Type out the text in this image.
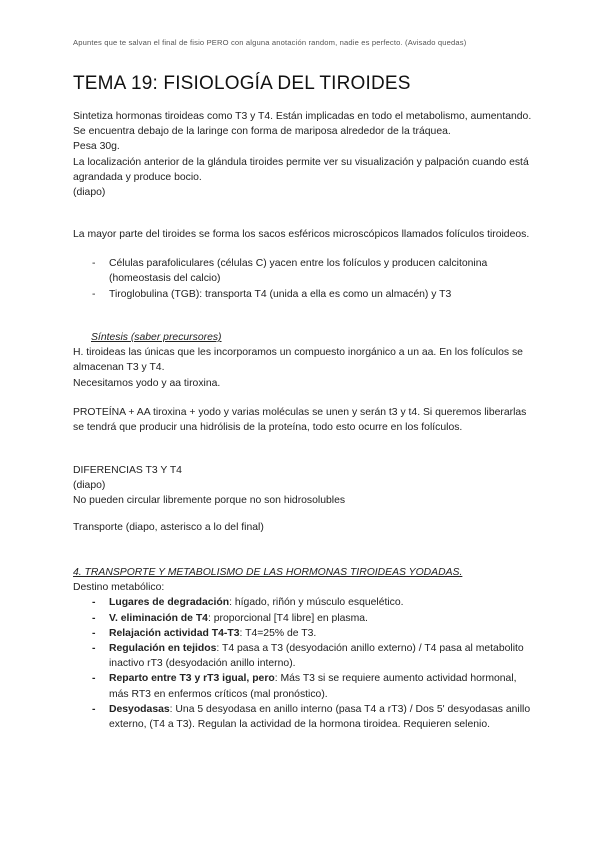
Apuntes que te salvan el final de fisio PERO con alguna anotación random, nadie es perfecto. (Avisado quedas)
TEMA 19: FISIOLOGÍA DEL TIROIDES

Sintetiza hormonas tiroideas como T3 y T4. Están implicadas en todo el metabolismo, aumentando.

Se encuentra debajo de la laringe con forma de mariposa alrededor de la tráquea.

Pesa 30g.

La localización anterior de la glándula tiroides permite ver su visualización y palpación cuando está agrandada y produce bocio.

(diapo)

La mayor parte del tiroides se forma los sacos esféricos microscópicos llamados folículos tiroideos.

- Células parafoliculares (células C) yacen entre los folículos y producen calcitonina (homeostasis del calcio)
- Tiroglobulina (TGB): transporta T4 (unida a ella es como un almacén) y T3

Síntesis (saber precursores)

H. tiroideas las únicas que les incorporamos un compuesto inorgánico a un aa. En los folículos se almacenan T3 y T4.

Necesitamos yodo y aa tiroxina.

PROTEÍNA + AA tiroxina + yodo y varias moléculas se unen y serán t3 y t4. Si queremos liberarlas se tendrá que producir una hidrólisis de la proteína, todo esto ocurre en los folículos.

DIFERENCIAS T3 Y T4

(diapo)

No pueden circular libremente porque no son hidrosolubles

Transporte (diapo, asterisco a lo del final)

4. TRANSPORTE Y METABOLISMO DE LAS HORMONAS TIROIDEAS YODADAS.

Destino metabólico:

- Lugares de degradación: hígado, riñón y músculo esquelético.
- V. eliminación de T4: proporcional [T4 libre] en plasma.
- Relajación actividad T4-T3: T4=25% de T3.
- Regulación en tejidos: T4 pasa a T3 (desyodación anillo externo) / T4 pasa al metabolito inactivo rT3 (desyodación anillo interno).
- Reparto entre T3 y rT3 igual, pero: Más T3 si se requiere aumento actividad hormonal, más RT3 en enfermos críticos (mal pronóstico).
- Desyodasas: Una 5 desyodasa en anillo interno (pasa T4 a rT3) / Dos 5' desyodasas anillo externo, (T4 a T3). Regulan la actividad de la hormona tiroidea. Requieren selenio.
